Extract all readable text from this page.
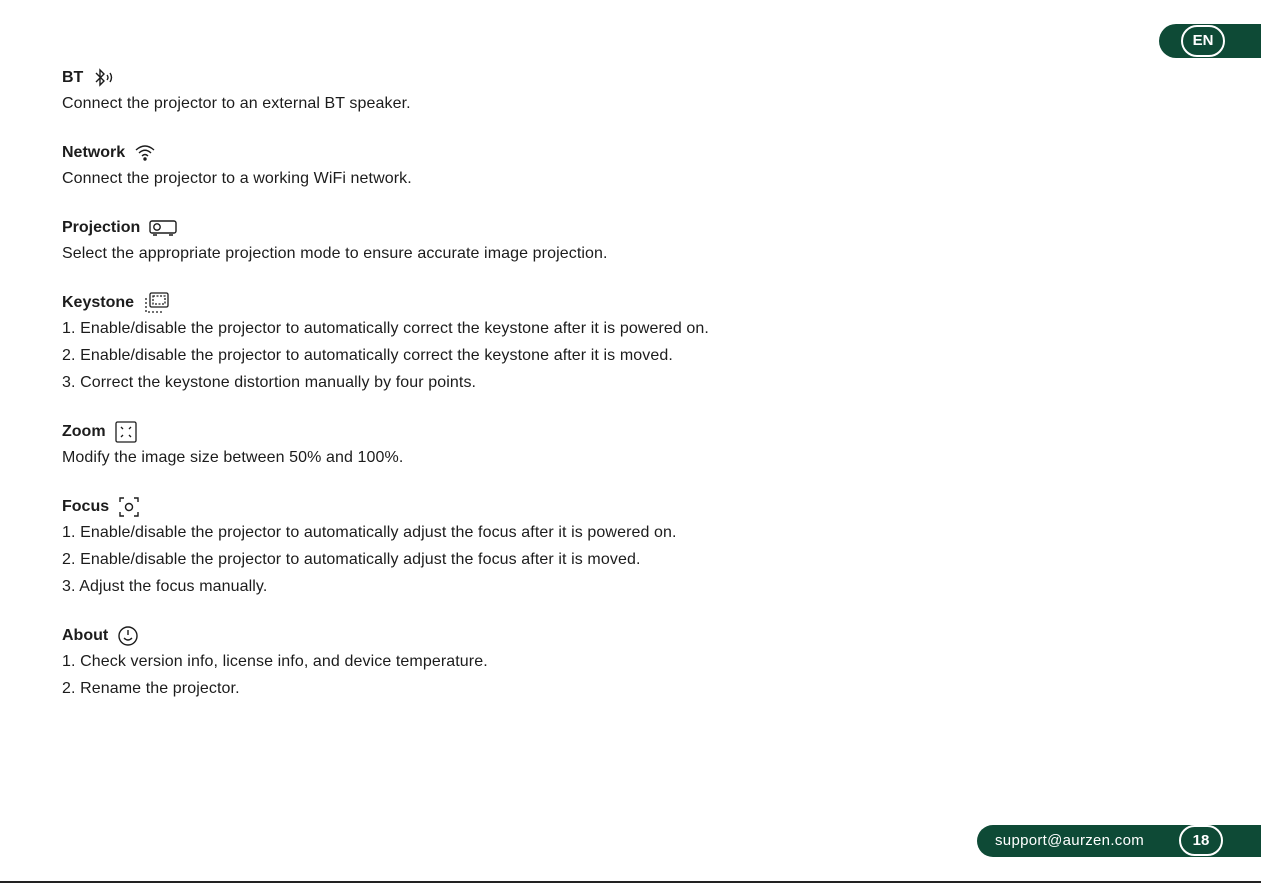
EN
BT
Connect the projector to an external BT speaker.
Network
Connect the projector to a working WiFi network.
Projection
Select the appropriate projection mode to ensure accurate image projection.
Keystone
1. Enable/disable the projector to automatically correct the keystone after it is powered on.
2. Enable/disable the projector to automatically correct the keystone after it is moved.
3. Correct the keystone distortion manually by four points.
Zoom
Modify the image size between 50% and 100%.
Focus
1. Enable/disable the projector to automatically adjust the focus after it is powered on.
2. Enable/disable the projector to automatically adjust the focus after it is moved.
3. Adjust the focus manually.
About
1. Check version info, license info, and device temperature.
2. Rename the projector.
support@aurzen.com	18
